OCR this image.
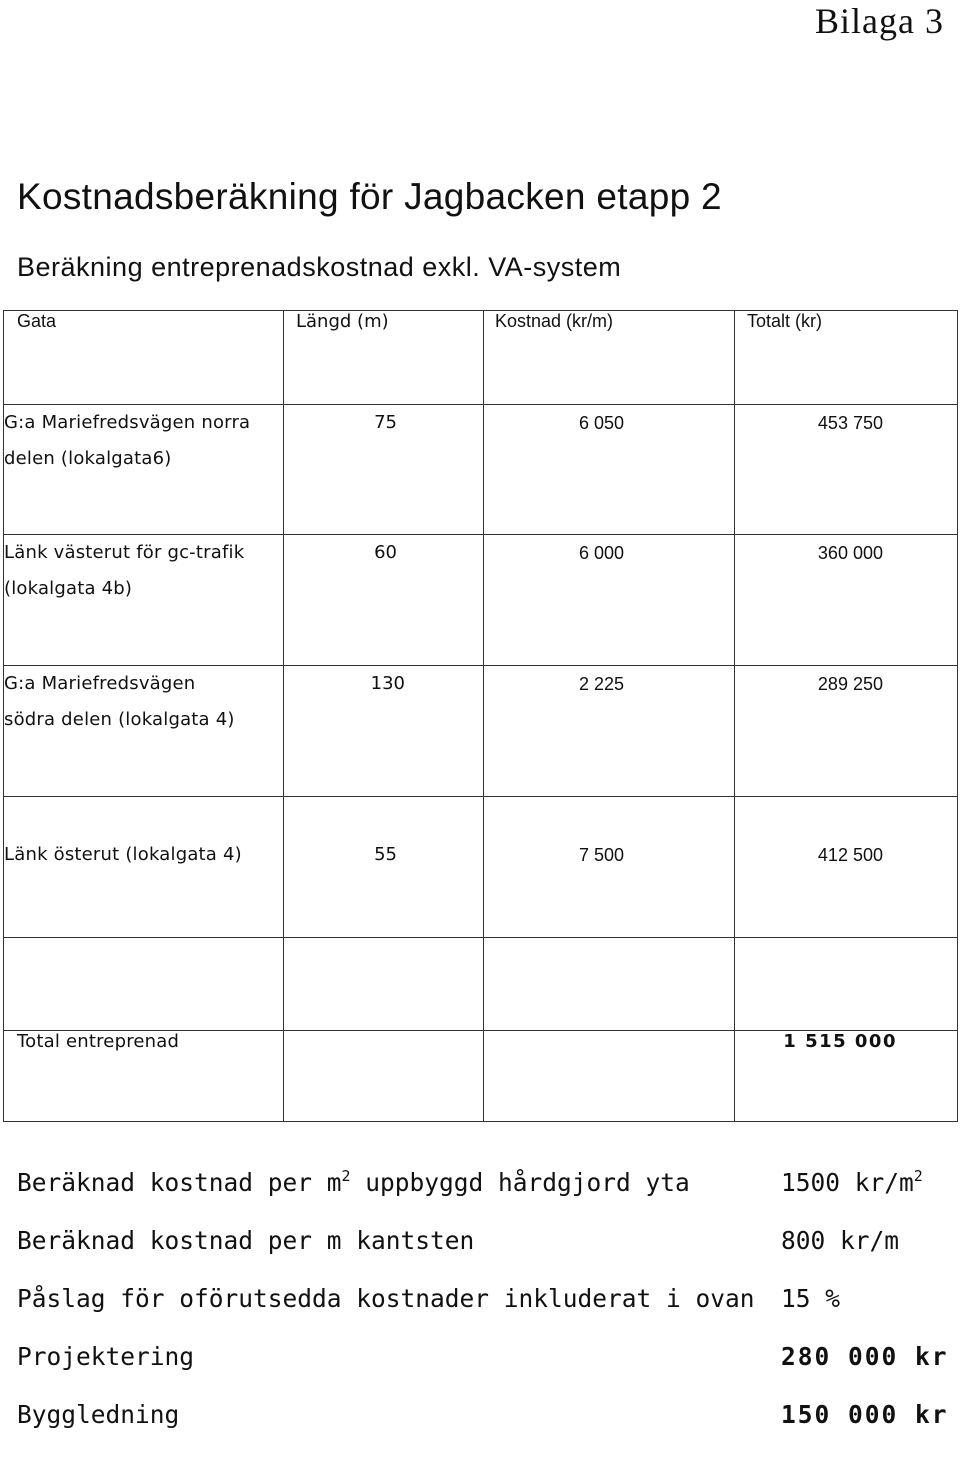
Bilaga 3
Kostnadsberäkning för Jagbacken etapp 2
Beräkning entreprenadskostnad exkl. VA-system
Gata	Längd (m)	Kostnad (kr/m)	Totalt (kr)

G:a Mariefredsvägen norra
delen (lokalgata6)	75	6 050	453 750

Länk västerut för gc-trafik
(lokalgata 4b)	60	6 000	360 000

G:a Mariefredsvägen
södra delen (lokalgata 4)	130	2 225	289 250

Länk österut (lokalgata 4)	55	7 500	412 500

Total entreprenad			1 515 000
Beräknad kostnad per $m^2$ uppbyggd hårdgjord yta	1500 $kr/m^2$
Beräknad kostnad per m kantsten	800 kr/m
Påslag för oförutsedda kostnader inkluderat i ovan 15 %
Projektering	280 000 kr
Byggledning	150 000 kr
